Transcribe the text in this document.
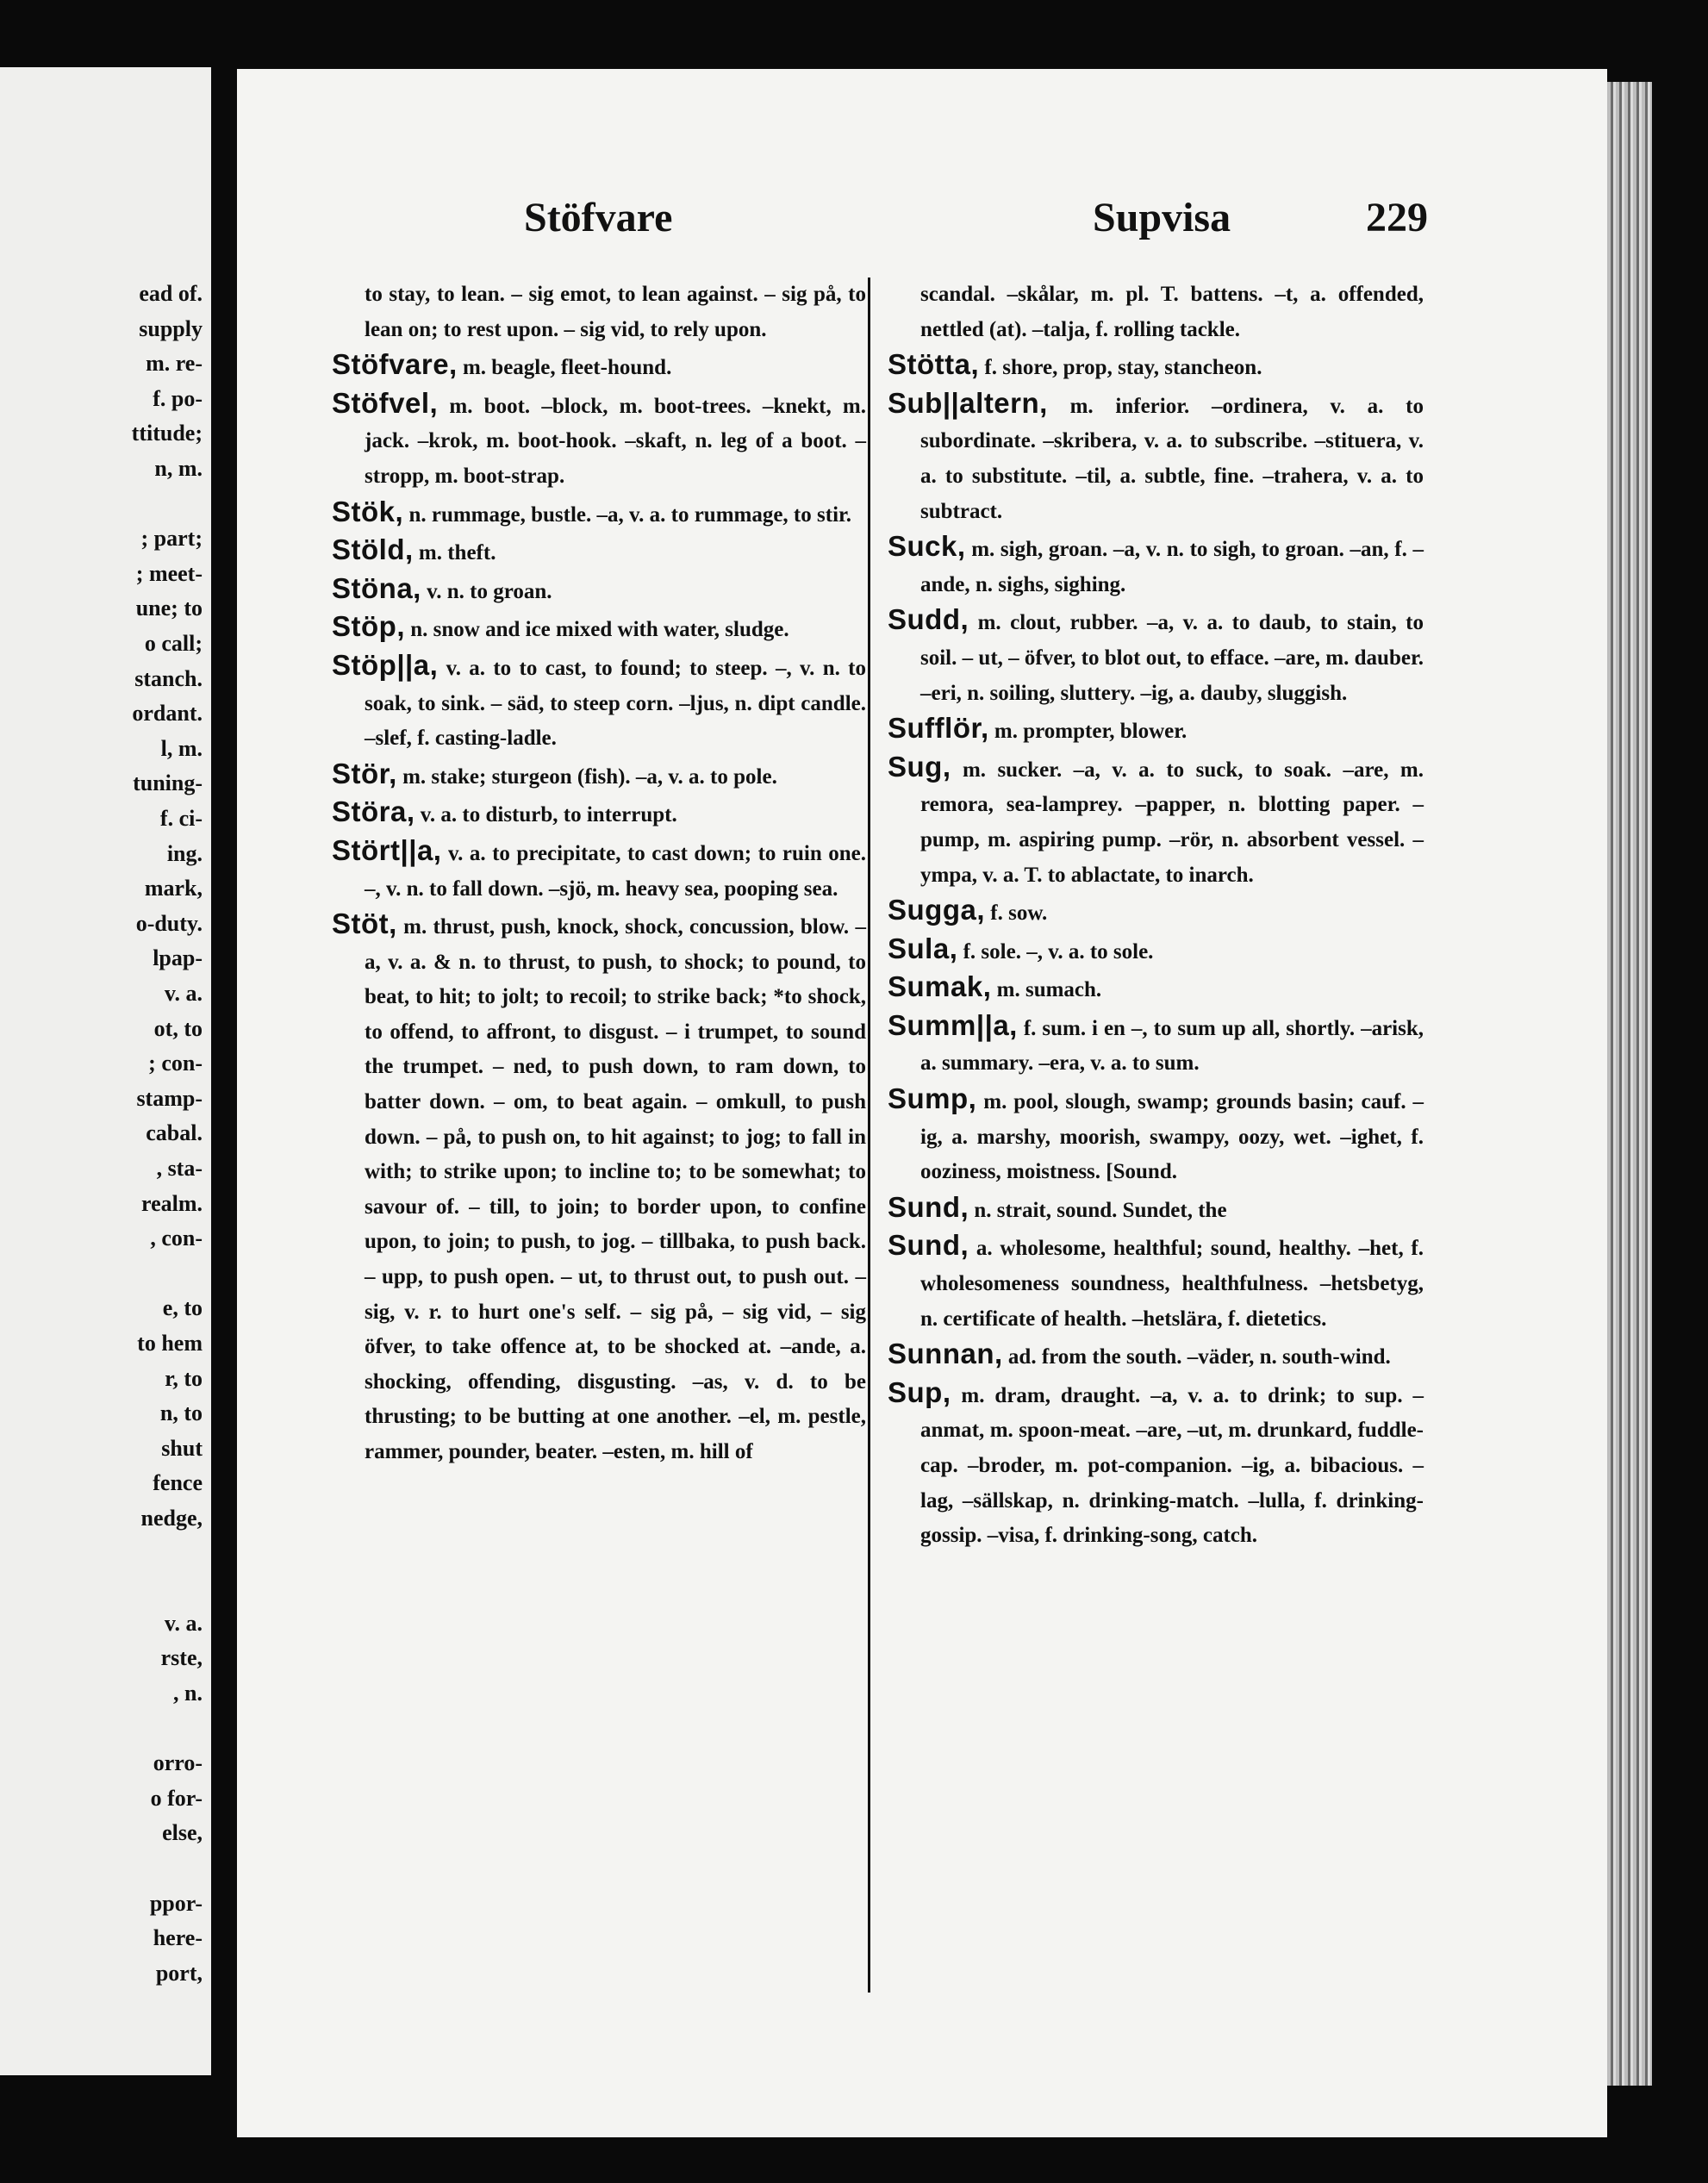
ead of.
supply
m. re-
f. po-
ttitude;
n, m.
; part;
; meet-
une; to
o call;
stanch.
ordant.
l, m.
tuning-
f. ci-
ing.
mark,
o-duty.
lpap-
v. a.
ot, to
; con-
stamp-
cabal.
, sta-
realm.
, con-
e, to
to hem
r, to
n, to
shut
fence
nedge,
v. a.
rste,
, n.
orro-
o for-
else,
ppor-
here-
port,
Stöfvare	Supvisa	229

to stay, to lean. – sig emot, to lean against. – sig på, to lean on; to rest upon. – sig vid, to rely upon.

Stöfvare, m. beagle, fleet-hound.

Stöfvel, m. boot. –block, m. boot-trees. –knekt, m. jack. –krok, m. boot-hook. –skaft, n. leg of a boot. –stropp, m. boot-strap.

Stök, n. rummage, bustle. –a, v. a. to rummage, to stir.

Stöld, m. theft.

Stöna, v. n. to groan.

Stöp, n. snow and ice mixed with water, sludge.

Stöp||a, v. a. to to cast, to found; to steep. –, v. n. to soak, to sink. – säd, to steep corn. –ljus, n. dipt candle. –slef, f. casting-ladle.

Stör, m. stake; sturgeon (fish). –a, v. a. to pole.

Störa, v. a. to disturb, to interrupt.

Stört||a, v. a. to precipitate, to cast down; to ruin one. –, v. n. to fall down. –sjö, m. heavy sea, pooping sea.

Stöt, m. thrust, push, knock, shock, concussion, blow. –a, v. a. & n. to thrust, to push, to shock; to pound, to beat, to hit; to jolt; to recoil; to strike back; *to shock, to offend, to affront, to disgust. – i trumpet, to sound the trumpet. – ned, to push down, to ram down, to batter down. – om, to beat again. – omkull, to push down. – på, to push on, to hit against; to jog; to fall in with; to strike upon; to incline to; to be somewhat; to savour of. – till, to join; to border upon, to confine upon, to join; to push, to jog. – tillbaka, to push back. – upp, to push open. – ut, to thrust out, to push out. – sig, v. r. to hurt one's self. – sig på, – sig vid, – sig öfver, to take offence at, to be shocked at. –ande, a. shocking, offending, disgusting. –as, v. d. to be thrusting; to be butting at one another. –el, m. pestle, rammer, pounder, beater. –esten, m. hill of

scandal. –skålar, m. pl. T. battens. –t, a. offended, nettled (at). –talja, f. rolling tackle.

Stötta, f. shore, prop, stay, stancheon.

Sub||altern, m. inferior. –ordinera, v. a. to subordinate. –skribera, v. a. to subscribe. –stituera, v. a. to substitute. –til, a. subtle, fine. –trahera, v. a. to subtract.

Suck, m. sigh, groan. –a, v. n. to sigh, to groan. –an, f. –ande, n. sighs, sighing.

Sudd, m. clout, rubber. –a, v. a. to daub, to stain, to soil. – ut, – öfver, to blot out, to efface. –are, m. dauber. –eri, n. soiling, sluttery. –ig, a. dauby, sluggish.

Sufflör, m. prompter, blower.

Sug, m. sucker. –a, v. a. to suck, to soak. –are, m. remora, sea-lamprey. –papper, n. blotting paper. –pump, m. aspiring pump. –rör, n. absorbent vessel. –ympa, v. a. T. to ablactate, to inarch.

Sugga, f. sow.

Sula, f. sole. –, v. a. to sole.

Sumak, m. sumach.

Summ||a, f. sum. i en –, to sum up all, shortly. –arisk, a. summary. –era, v. a. to sum.

Sump, m. pool, slough, swamp; grounds basin; cauf. –ig, a. marshy, moorish, swampy, oozy, wet. –ighet, f. ooziness, moistness. [Sound.

Sund, n. strait, sound. Sundet, the

Sund, a. wholesome, healthful; sound, healthy. –het, f. wholesomeness soundness, healthfulness. –hetsbetyg, n. certificate of health. –hetslära, f. dietetics.

Sunnan, ad. from the south. –väder, n. south-wind.

Sup, m. dram, draught. –a, v. a. to drink; to sup. –anmat, m. spoon-meat. –are, –ut, m. drunkard, fuddle-cap. –broder, m. pot-companion. –ig, a. bibacious. –lag, –sällskap, n. drinking-match. –lulla, f. drinking-gossip. –visa, f. drinking-song, catch.
